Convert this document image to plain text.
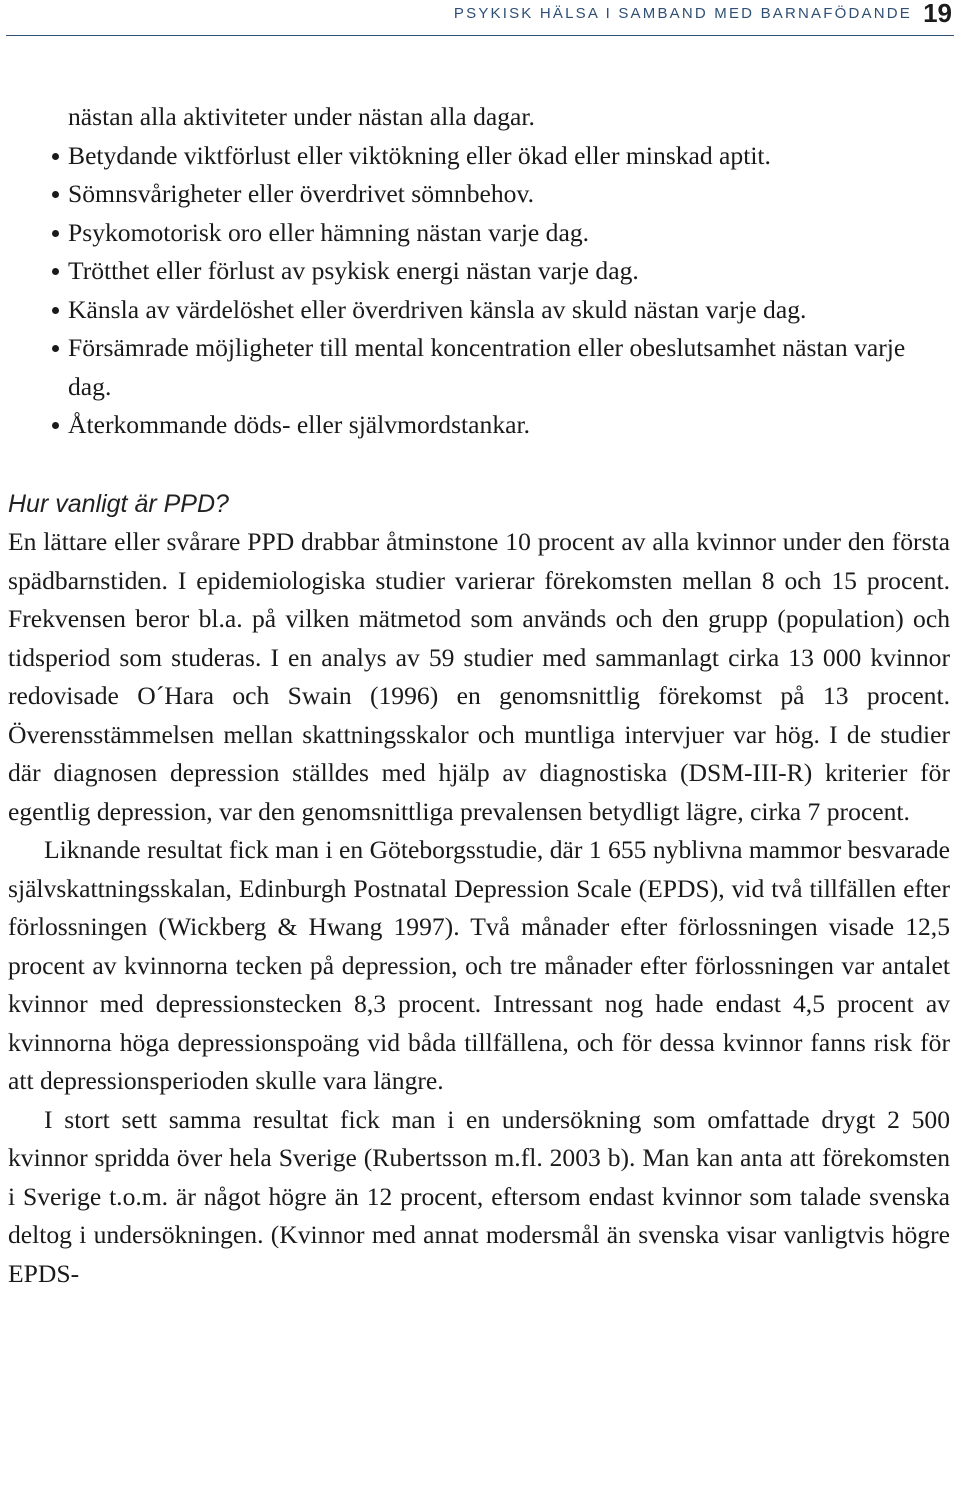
PSYKISK HÄLSA I SAMBAND MED BARNAFÖDANDE 19
nästan alla aktiviteter under nästan alla dagar.
Betydande viktförlust eller viktökning eller ökad eller minskad aptit.
Sömnsvårigheter eller överdrivet sömnbehov.
Psykomotorisk oro eller hämning nästan varje dag.
Trötthet eller förlust av psykisk energi nästan varje dag.
Känsla av värdelöshet eller överdriven känsla av skuld nästan varje dag.
Försämrade möjligheter till mental koncentration eller obeslutsamhet nästan varje dag.
Återkommande döds- eller självmordstankar.
Hur vanligt är PPD?

En lättare eller svårare PPD drabbar åtminstone 10 procent av alla kvinnor under den första spädbarnstiden. I epidemiologiska studier varierar förekomsten mellan 8 och 15 procent. Frekvensen beror bl.a. på vilken mätmetod som används och den grupp (population) och tidsperiod som studeras. I en analys av 59 studier med sammanlagt cirka 13 000 kvinnor redovisade O´Hara och Swain (1996) en genomsnittlig förekomst på 13 procent. Överensstämmelsen mellan skattningsskalor och muntliga intervjuer var hög. I de studier där diagnosen depression ställdes med hjälp av diagnostiska (DSM-III-R) kriterier för egentlig depression, var den genomsnittliga prevalensen betydligt lägre, cirka 7 procent.

Liknande resultat fick man i en Göteborgsstudie, där 1 655 nyblivna mammor besvarade självskattningsskalan, Edinburgh Postnatal Depression Scale (EPDS), vid två tillfällen efter förlossningen (Wickberg & Hwang 1997). Två månader efter förlossningen visade 12,5 procent av kvinnorna tecken på depression, och tre månader efter förlossningen var antalet kvinnor med depressionstecken 8,3 procent. Intressant nog hade endast 4,5 procent av kvinnorna höga depressionspoäng vid båda tillfällena, och för dessa kvinnor fanns risk för att depressionsperioden skulle vara längre.

I stort sett samma resultat fick man i en undersökning som omfattade drygt 2 500 kvinnor spridda över hela Sverige (Rubertsson m.fl. 2003 b). Man kan anta att förekomsten i Sverige t.o.m. är något högre än 12 procent, eftersom endast kvinnor som talade svenska deltog i undersökningen. (Kvinnor med annat modersmål än svenska visar vanligtvis högre EPDS-
